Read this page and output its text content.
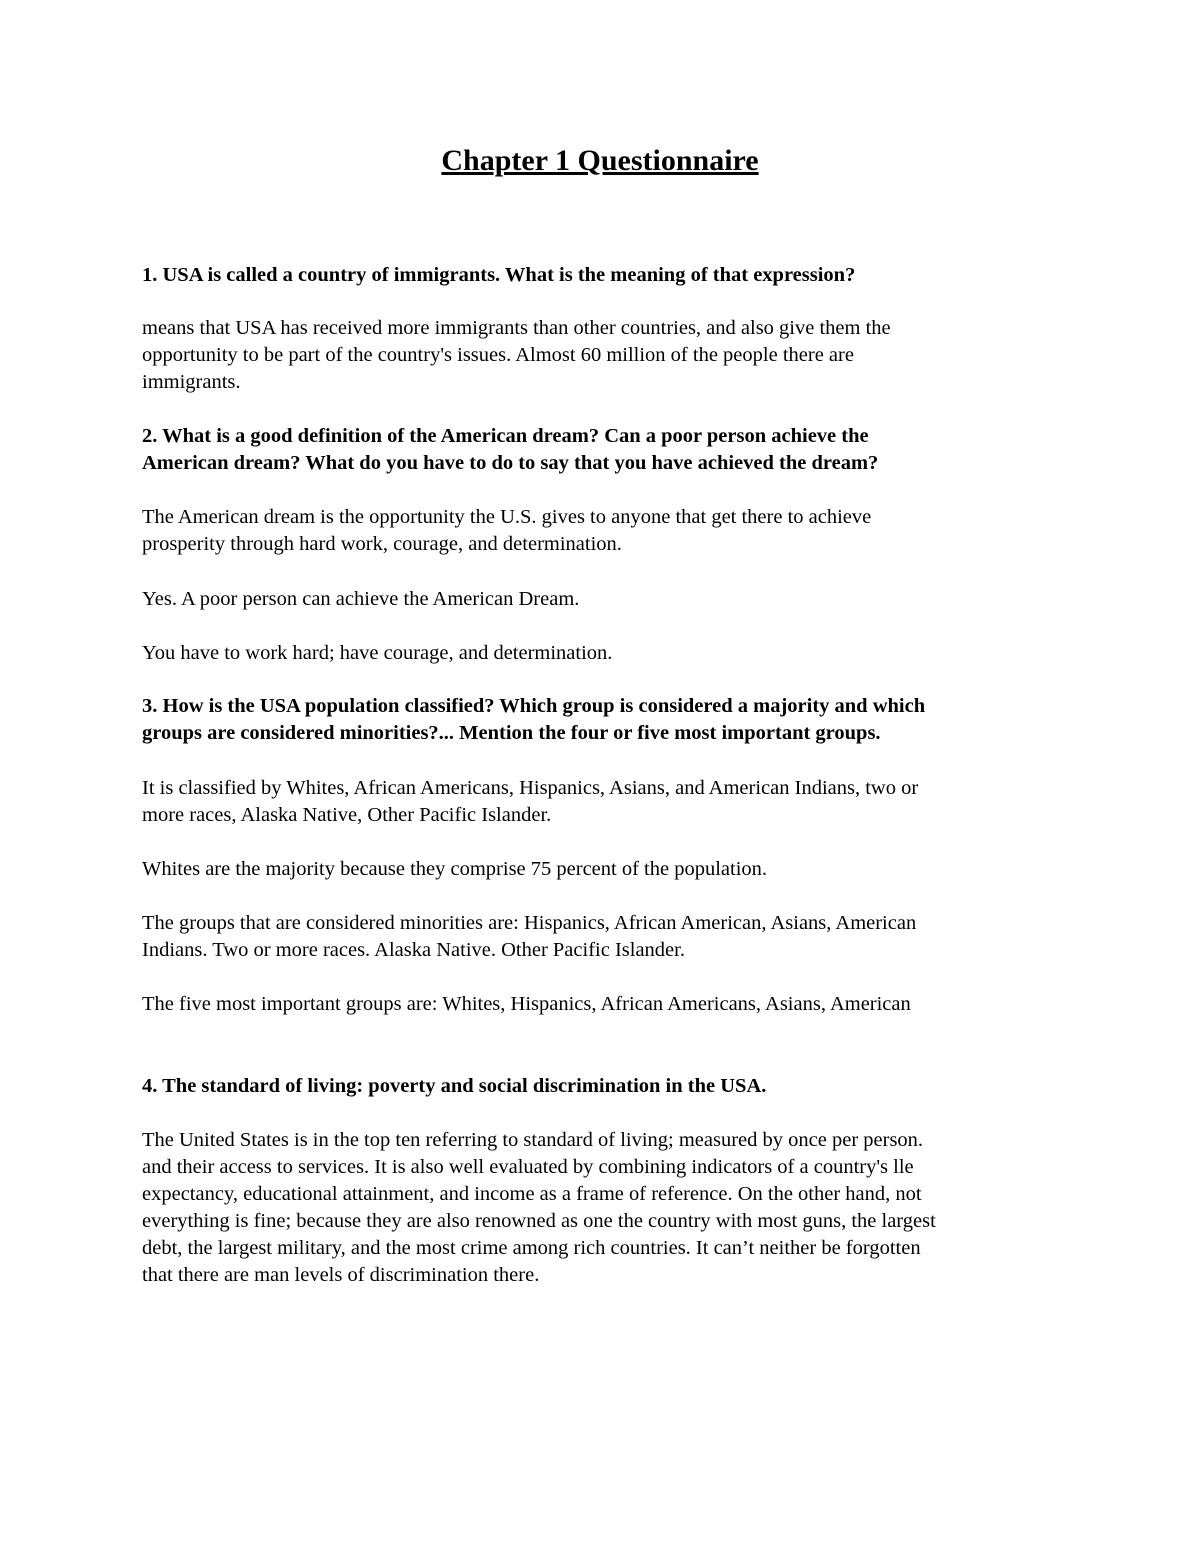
Chapter 1 Questionnaire

1. USA is called a country of immigrants. What is the meaning of that expression?

means that USA has received more immigrants than other countries, and also give them the
opportunity to be part of the country's issues. Almost 60 million of the people there are
immigrants.

2. What is a good definition of the American dream? Can a poor person achieve the
American dream? What do you have to do to say that you have achieved the dream?

The American dream is the opportunity the U.S. gives to anyone that get there to achieve
prosperity through hard work, courage, and determination.

Yes. A poor person can achieve the American Dream.

You have to work hard; have courage, and determination.

3. How is the USA population classified? Which group is considered a majority and which
groups are considered minorities?... Mention the four or five most important groups.

It is classified by Whites, African Americans, Hispanics, Asians, and American Indians, two or
more races, Alaska Native, Other Pacific Islander.

Whites are the majority because they comprise 75 percent of the population.

The groups that are considered minorities are: Hispanics, African American, Asians, American
Indians. Two or more races. Alaska Native. Other Pacific Islander.

The five most important groups are: Whites, Hispanics, African Americans, Asians, American

4. The standard of living: poverty and social discrimination in the USA.

The United States is in the top ten referring to standard of living; measured by once per person.
and their access to services. It is also well evaluated by combining indicators of a country's lle
expectancy, educational attainment, and income as a frame of reference. On the other hand, not
everything is fine; because they are also renowned as one the country with most guns, the largest
debt, the largest military, and the most crime among rich countries. It can’t neither be forgotten
that there are man levels of discrimination there.
